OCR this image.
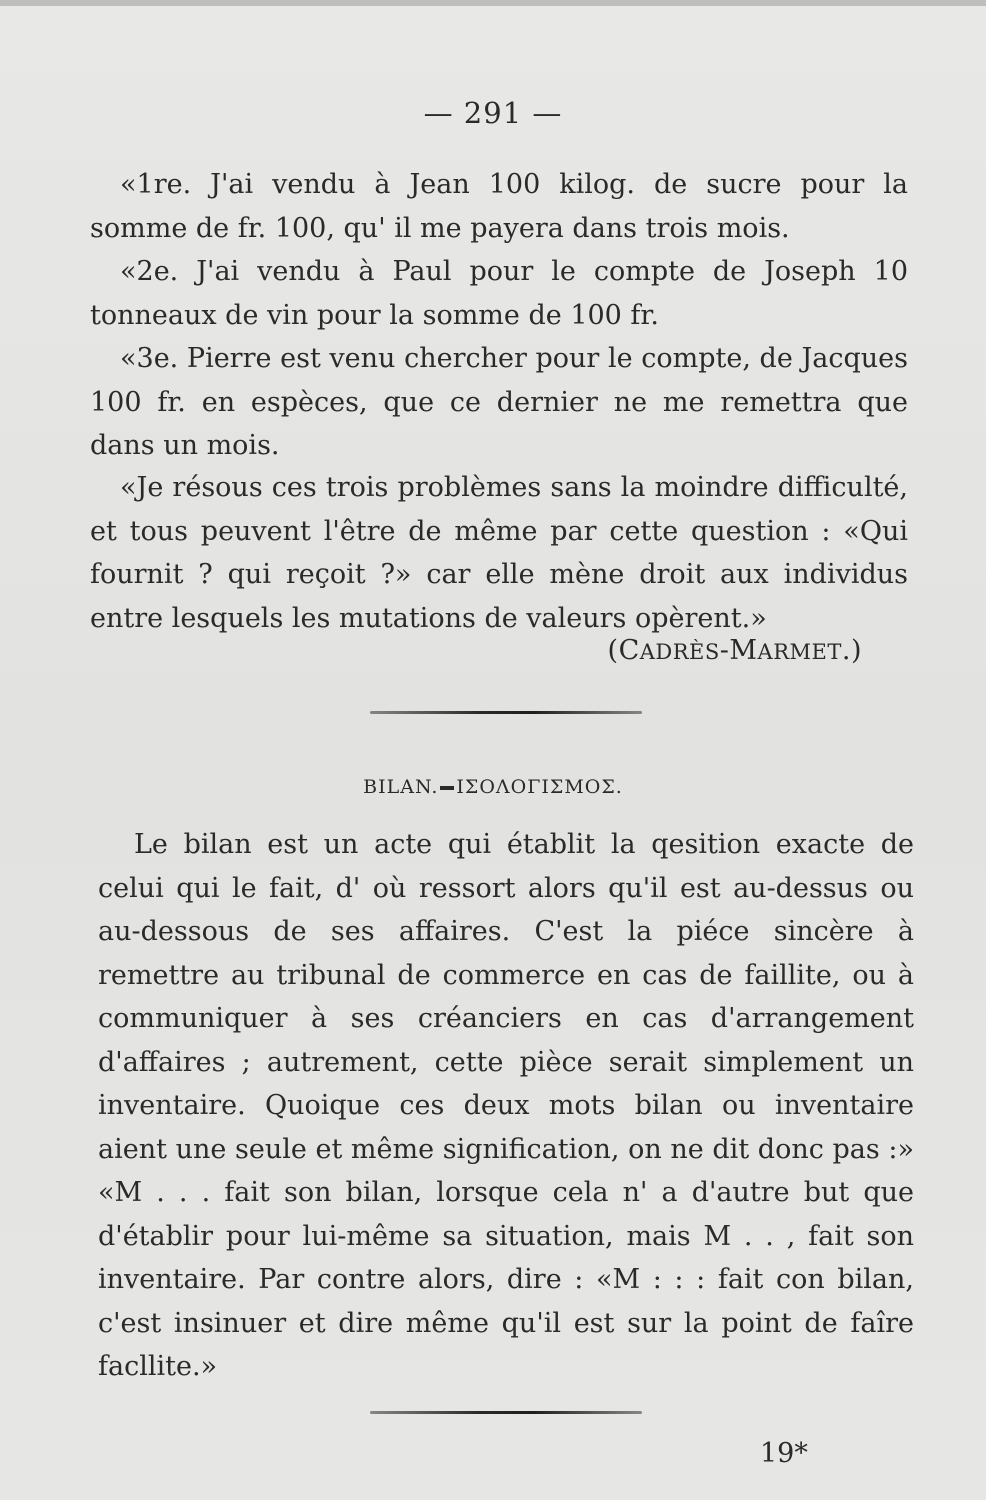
— 291 —

«1re. J'ai vendu à Jean 100 kilog. de sucre pour la somme de fr. 100, qu' il me payera dans trois mois.

«2e. J'ai vendu à Paul pour le compte de Joseph 10 tonneaux de vin pour la somme de 100 fr.

«3e. Pierre est venu chercher pour le compte, de Jacques 100 fr. en espèces, que ce dernier ne me remettra que dans un mois.

«Je résous ces trois problèmes sans la moindre difficulté, et tous peuvent l'être de même par cette question : «Qui fournit ? qui reçoit ?» car elle mène droit aux individus entre lesquels les mutations de valeurs opèrent.»

(CADRÈS-MARMET.)
BILAN. ΙΣΟΛΟΓΙΣΜΟΣ.

Le bilan est un acte qui établit la qesition exacte de celui qui le fait, d' où ressort alors qu'il est au-dessus ou au-dessous de ses affaires. C'est la piéce sincère à remettre au tribunal de commerce en cas de faillite, ou à communiquer à ses créanciers en cas d'arrangement d'affaires ; autrement, cette pièce serait simplement un inventaire. Quoique ces deux mots bilan ou inventaire aient une seule et même signification, on ne dit donc pas :» «M . . . fait son bilan, lorsque cela n' a d'autre but que d'établir pour lui-même sa situation, mais M . . , fait son inventaire. Par contre alors, dire : «M : : : fait con bilan, c'est insinuer et dire même qu'il est sur la point de faîre facllite.»

19*
